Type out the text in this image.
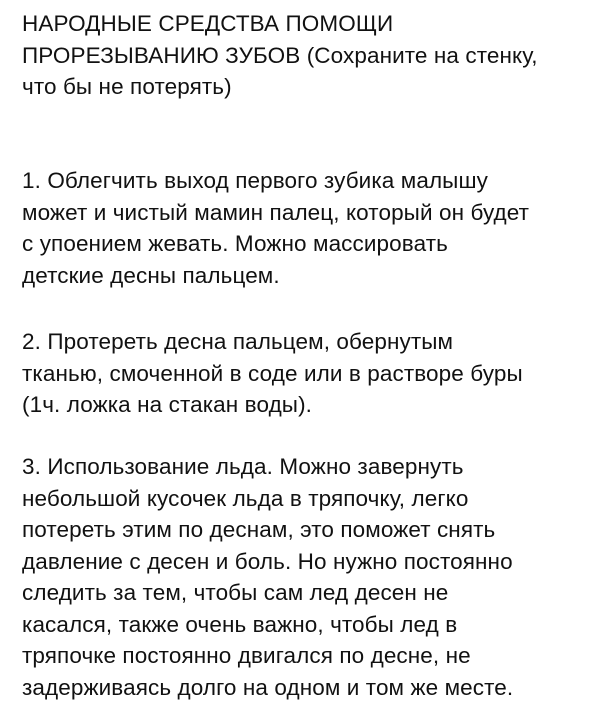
НАРОДНЫЕ СРЕДСТВА ПОМОЩИ
ПРОРЕЗЫВАНИЮ ЗУБОВ (Сохраните на стенку,
что бы не потерять)
1. Облегчить выход первого зубика малышу
может и чистый мамин палец, который он будет
с упоением жевать. Можно массировать
детские десны пальцем.
2. Протереть десна пальцем, обернутым
тканью, смоченной в соде или в растворе буры
(1ч. ложка на стакан воды).
3. Использование льда. Можно завернуть
небольшой кусочек льда в тряпочку, легко
потереть этим по деснам, это поможет снять
давление с десен и боль. Но нужно постоянно
следить за тем, чтобы сам лед десен не
касался, также очень важно, чтобы лед в
тряпочке постоянно двигался по десне, не
задерживаясь долго на одном и том же месте.
